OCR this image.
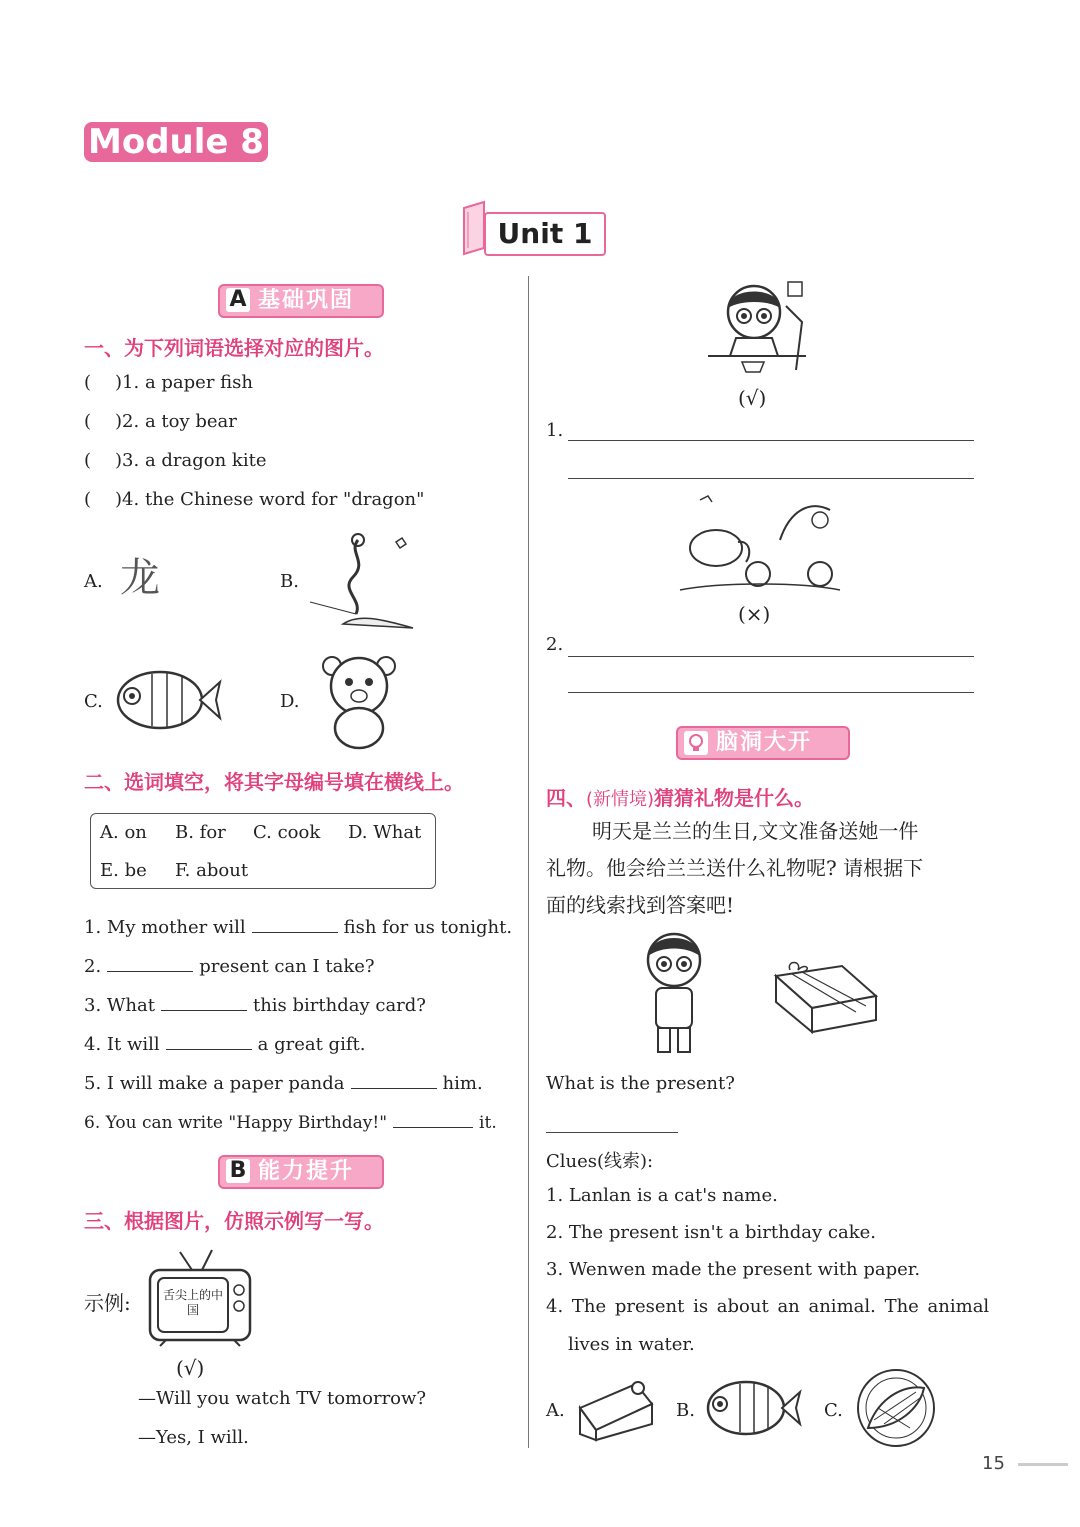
Module 8
Unit 1
A 基础巩固
一、为下列词语选择对应的图片。
( )1. a paper fish
( )2. a toy bear
( )3. a dragon kite
( )4. the Chinese word for "dragon"
A. 龙	B.
C.	D.
二、选词填空，将其字母编号填在横线上。
A. on B. for C. cook D. What
E. be F. about
1. My mother will	fish for us tonight.
2.	present can I take?
3. What	this birthday card?
4. It will	a great gift.
5. I will make a paper panda	him.
6. You can write "Happy Birthday!"	it.
B 能力提升
三、根据图片，仿照示例写一写。
示例:	舌尖上的中国
(√)
—Will you watch TV tomorrow?
—Yes, I will.
(√)
1.
(×)
2.
脑洞大开
四、(新情境)猜猜礼物是什么。
明天是兰兰的生日,文文准备送她一件
礼物。他会给兰兰送什么礼物呢? 请根据下
面的线索找到答案吧!
What is the present?
Clues(线索):
1. Lanlan is a cat's name.
2. The present isn't a birthday cake.
3. Wenwen made the present with paper.
4. The present is about an animal. The animal
lives in water.
A.	B.	C.
15
